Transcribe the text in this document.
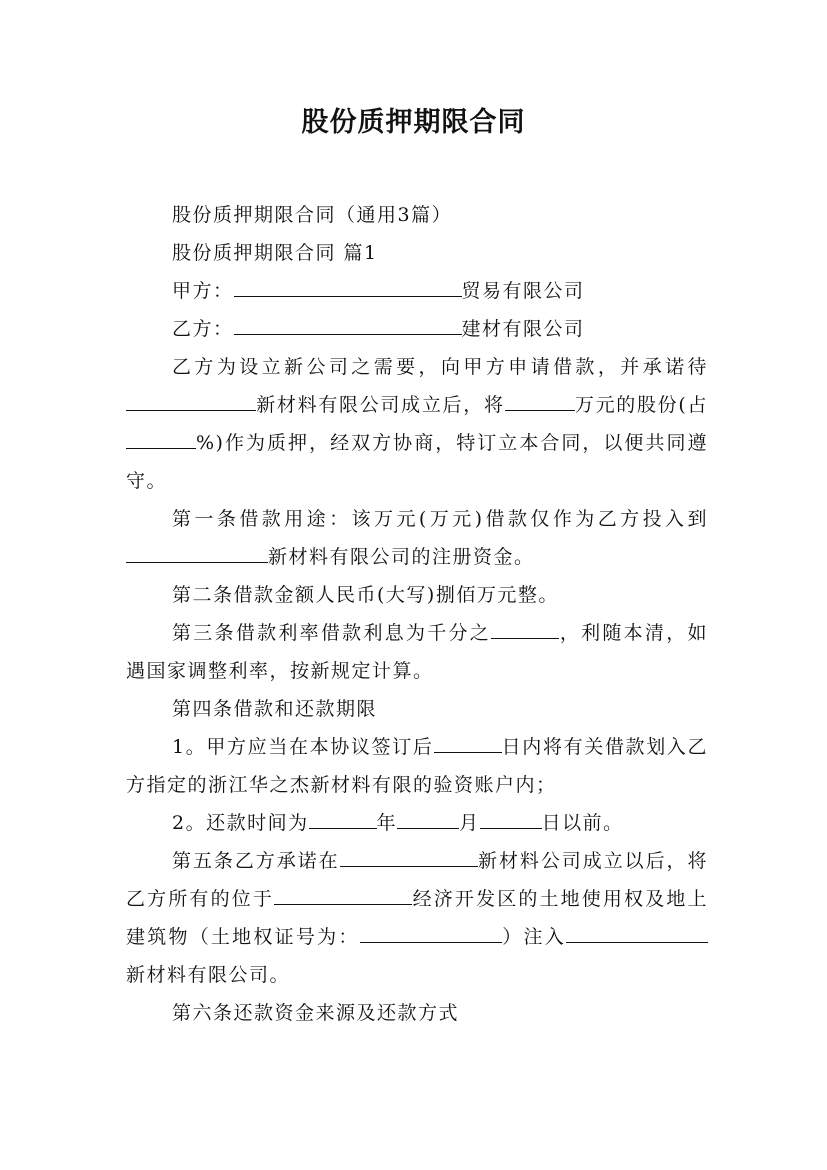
股份质押期限合同

股份质押期限合同（通用3篇）

股份质押期限合同 篇1

甲方：	贸易有限公司

乙方：	建材有限公司

乙方为设立新公司之需要，向甲方申请借款，并承诺待新材料有限公司成立后，将	万元的股份(占%)作为质押，经双方协商，特订立本合同，以便共同遵守。

第一条借款用途：该万元(万元)借款仅作为乙方投入到新材料有限公司的注册资金。

第二条借款金额人民币(大写)捌佰万元整。

第三条借款利率借款利息为千分之	，利随本清，如遇国家调整利率，按新规定计算。

第四条借款和还款期限

1。甲方应当在本协议签订后	日内将有关借款划入乙方指定的浙江华之杰新材料有限的验资账户内；

2。还款时间为	年	月	日以前。

第五条乙方承诺在	新材料公司成立以后，将乙方所有的位于	经济开发区的土地使用权及地上建筑物（土地权证号为：	）注入新材料有限公司。

第六条还款资金来源及还款方式
